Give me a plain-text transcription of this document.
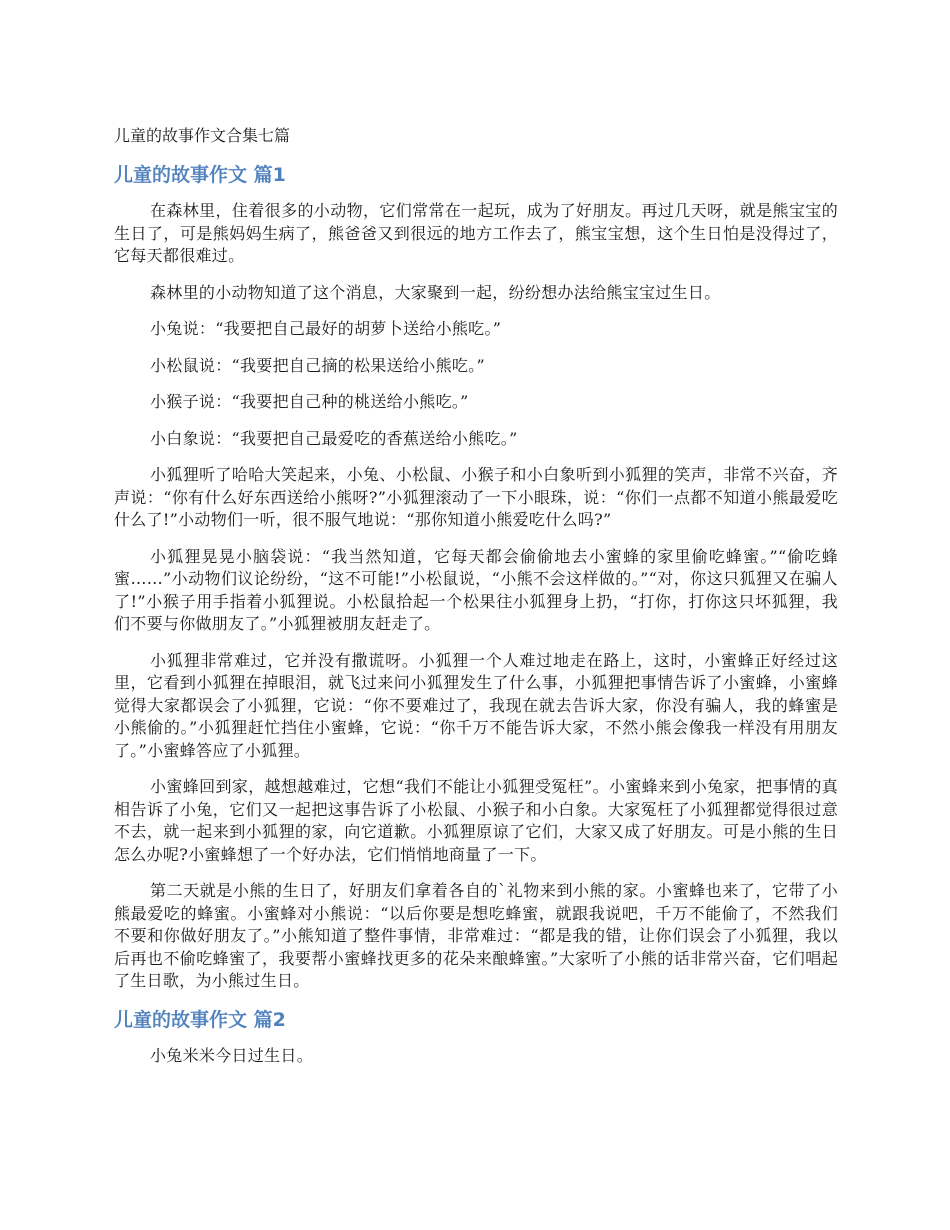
儿童的故事作文合集七篇
儿童的故事作文 篇1

在森林里，住着很多的小动物，它们常常在一起玩，成为了好朋友。再过几天呀，就是熊宝宝的生日了，可是熊妈妈生病了，熊爸爸又到很远的地方工作去了，熊宝宝想，这个生日怕是没得过了，它每天都很难过。

森林里的小动物知道了这个消息，大家聚到一起，纷纷想办法给熊宝宝过生日。

小兔说：“我要把自己最好的胡萝卜送给小熊吃。”

小松鼠说：“我要把自己摘的松果送给小熊吃。”

小猴子说：“我要把自己种的桃送给小熊吃。”

小白象说：“我要把自己最爱吃的香蕉送给小熊吃。”

小狐狸听了哈哈大笑起来，小兔、小松鼠、小猴子和小白象听到小狐狸的笑声，非常不兴奋，齐声说：“你有什么好东西送给小熊呀?”小狐狸滚动了一下小眼珠，说：“你们一点都不知道小熊最爱吃什么了!”小动物们一听，很不服气地说：“那你知道小熊爱吃什么吗?”

小狐狸晃晃小脑袋说：“我当然知道，它每天都会偷偷地去小蜜蜂的家里偷吃蜂蜜。”“偷吃蜂蜜……”小动物们议论纷纷，“这不可能!”小松鼠说，“小熊不会这样做的。”“对，你这只狐狸又在骗人了!”小猴子用手指着小狐狸说。小松鼠拾起一个松果往小狐狸身上扔，“打你，打你这只坏狐狸，我们不要与你做朋友了。”小狐狸被朋友赶走了。

小狐狸非常难过，它并没有撒谎呀。小狐狸一个人难过地走在路上，这时，小蜜蜂正好经过这里，它看到小狐狸在掉眼泪，就飞过来问小狐狸发生了什么事，小狐狸把事情告诉了小蜜蜂，小蜜蜂觉得大家都误会了小狐狸，它说：“你不要难过了，我现在就去告诉大家，你没有骗人，我的蜂蜜是小熊偷的。”小狐狸赶忙挡住小蜜蜂，它说：“你千万不能告诉大家，不然小熊会像我一样没有用朋友了。”小蜜蜂答应了小狐狸。

小蜜蜂回到家，越想越难过，它想“我们不能让小狐狸受冤枉”。小蜜蜂来到小兔家，把事情的真相告诉了小兔，它们又一起把这事告诉了小松鼠、小猴子和小白象。大家冤枉了小狐狸都觉得很过意不去，就一起来到小狐狸的家，向它道歉。小狐狸原谅了它们，大家又成了好朋友。可是小熊的生日怎么办呢?小蜜蜂想了一个好办法，它们悄悄地商量了一下。

第二天就是小熊的生日了，好朋友们拿着各自的`礼物来到小熊的家。小蜜蜂也来了，它带了小熊最爱吃的蜂蜜。小蜜蜂对小熊说：“以后你要是想吃蜂蜜，就跟我说吧，千万不能偷了，不然我们不要和你做好朋友了。”小熊知道了整件事情，非常难过：“都是我的错，让你们误会了小狐狸，我以后再也不偷吃蜂蜜了，我要帮小蜜蜂找更多的花朵来酿蜂蜜。”大家听了小熊的话非常兴奋，它们唱起了生日歌，为小熊过生日。

儿童的故事作文 篇2

小兔米米今日过生日。
